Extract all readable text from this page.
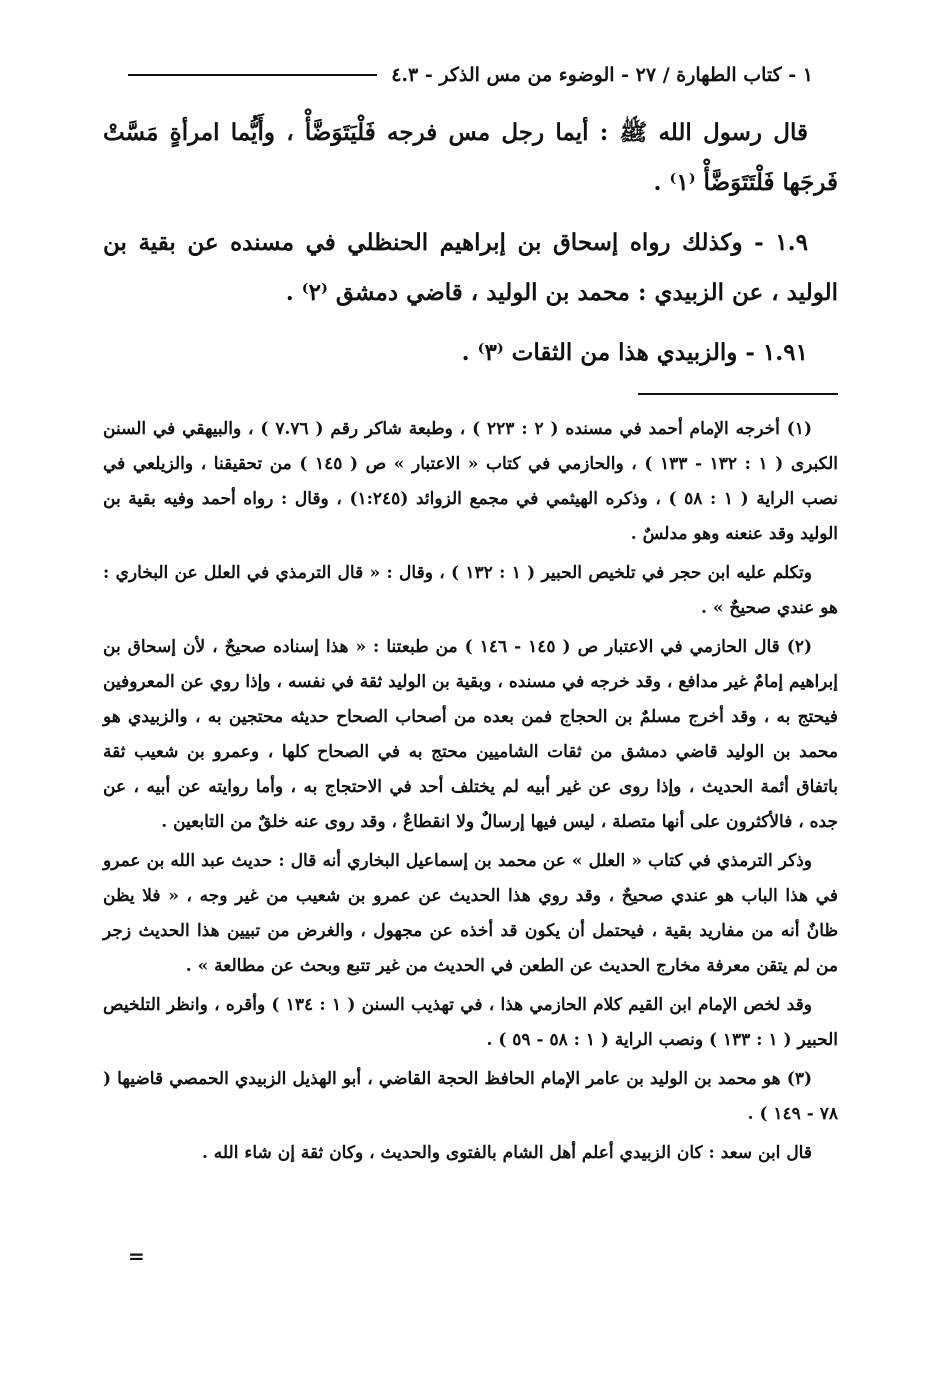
١ - كتاب الطهارة / ٢٧ - الوضوء من مس الذكر - ٤.٣

قال رسول الله ﷺ : أيما رجل مس فرجه فَلْيَتَوَضَّأْ ، وأَيُّما امرأةٍ مَسَّتْ فَرجَها فَلْتَتَوَضَّأْ ⁽١⁾ .

١.٩ - وكذلك رواه إسحاق بن إبراهيم الحنظلي في مسنده عن بقية بن الوليد ، عن الزبيدي : محمد بن الوليد ، قاضي دمشق ⁽٢⁾ .

١.٩١ - والزبيدي هذا من الثقات ⁽٣⁾ .

(١) أخرجه الإمام أحمد في مسنده ( ٢ : ٢٢٣ ) ، وطبعة شاكر رقم ( ٧.٧٦ ) ، والبيهقي في السنن الكبرى ( ١ : ١٣٢ - ١٣٣ ) ، والحازمي في كتاب « الاعتبار » ص ( ١٤٥ ) من تحقيقنا ، والزيلعي في نصب الراية ( ١ : ٥٨ ) ، وذكره الهيثمي في مجمع الزوائد (١:٢٤٥) ، وقال : رواه أحمد وفيه بقية بن الوليد وقد عنعنه وهو مدلسٌ .

وتكلم عليه ابن حجر في تلخيص الحبير ( ١ : ١٣٢ ) ، وقال : « قال الترمذي في العلل عن البخاري : هو عندي صحيحٌ » .

(٢) قال الحازمي في الاعتبار ص ( ١٤٥ - ١٤٦ ) من طبعتنا : « هذا إسناده صحيحٌ ، لأن إسحاق بن إبراهيم إمامٌ غير مدافع ، وقد خرجه في مسنده ، وبقية بن الوليد ثقة في نفسه ، وإذا روي عن المعروفين فيحتج به ، وقد أخرج مسلمٌ بن الحجاج فمن بعده من أصحاب الصحاح حديثه محتجين به ، والزبيدي هو محمد بن الوليد قاضي دمشق من ثقات الشاميين محتج به في الصحاح كلها ، وعمرو بن شعيب ثقة باتفاق أئمة الحديث ، وإذا روى عن غير أبيه لم يختلف أحد في الاحتجاج به ، وأما روايته عن أبيه ، عن جده ، فالأكثرون على أنها متصلة ، ليس فيها إرسالٌ ولا انقطاعٌ ، وقد روى عنه خلقٌ من التابعين .

وذكر الترمذي في كتاب « العلل » عن محمد بن إسماعيل البخاري أنه قال : حديث عبد الله بن عمرو في هذا الباب هو عندي صحيحٌ ، وقد روي هذا الحديث عن عمرو بن شعيب من غير وجه ، « فلا يظن ظانٌ أنه من مفاريد بقية ، فيحتمل أن يكون قد أخذه عن مجهول ، والغرض من تبيين هذا الحديث زجر من لم يتقن معرفة مخارج الحديث عن الطعن في الحديث من غير تتبع وبحث عن مطالعة » .

وقد لخص الإمام ابن القيم كلام الحازمي هذا ، في تهذيب السنن ( ١ : ١٣٤ ) وأقره ، وانظر التلخيص الحبير ( ١ : ١٣٣ ) ونصب الراية ( ١ : ٥٨ - ٥٩ ) .

(٣) هو محمد بن الوليد بن عامر الإمام الحافظ الحجة القاضي ، أبو الهذيل الزبيدي الحمصي قاضيها ( ٧٨ - ١٤٩ ) .

قال ابن سعد : كان الزبيدي أعلم أهل الشام بالفتوى والحديث ، وكان ثقة إن شاء الله .

=
